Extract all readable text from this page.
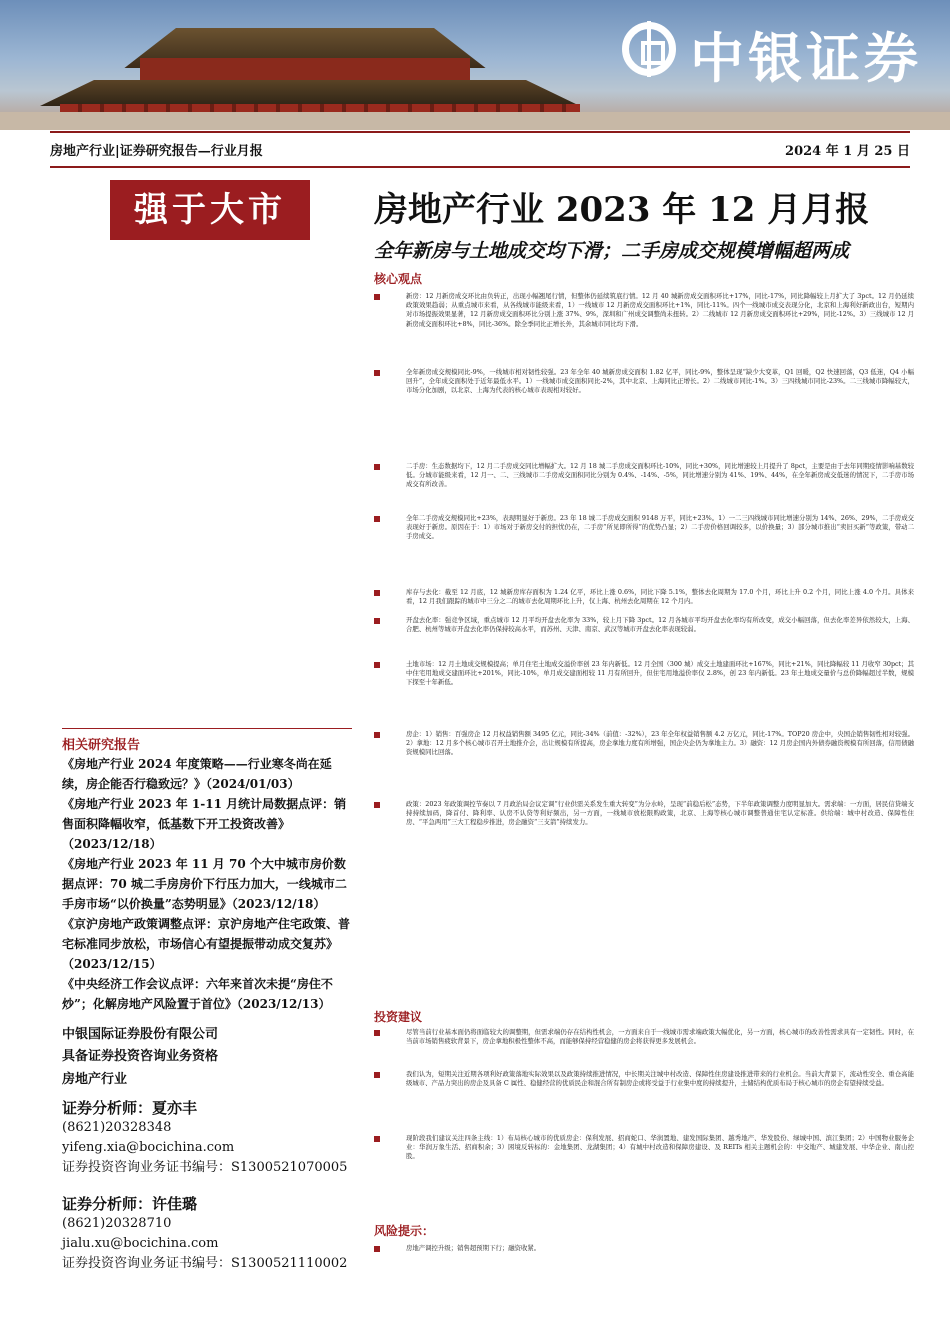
中银证券
房地产行业|证券研究报告—行业月报	2024 年 1 月 25 日
强于大市	房地产行业 2023 年 12 月月报
全年新房与土地成交均下滑；二手房成交规模增幅超两成
核心观点
新房：12 月新房成交环比由负转正，出现小幅翘尾行情，但整体仍延续筑底行情。12 月 40 城新房成交面积环比+17%，同比-17%，同比降幅较上月扩大了 3pct。12 月仍延续政策效果趋弱；从重点城市来看，从各线城市能级来看，1）一线城市 12 月新房成交面积环比+1%，同比-11%。四个一线城市成交表现分化，北京和上海利好新政出台，短期内对市场提振效果显著，12 月新房成交面积环比分别上涨 37%、9%，深圳和广州成交调整尚未扭转。2）二线城市 12 月新房成交面积环比+29%，同比-12%。3）三线城市 12 月新房成交面积环比+8%，同比-36%。除全季同比正增长外，其余城市同比均下滑。
全年新房成交规模同比-9%，一线城市相对韧性较强。23 年全年 40 城新房成交面积 1.82 亿平，同比-9%，整体呈现“缺少大变革，Q1 回暖，Q2 快速回落，Q3 低迷，Q4 小幅回升”，全年成交面积处于近年最低水平。1）一线城市成交面积同比-2%，其中北京、上海同比正增长。2）二线城市同比-1%。3）三四线城市同比-23%。二三线城市降幅较大，市场分化加剧，以北京、上海为代表的核心城市表现相对较好。
二手房：生态数据均下，12 月二手房成交同比增幅扩大。12 月 18 城二手房成交面积环比-10%，同比+30%，同比增速较上月提升了 8pct，主要是由于去年同期疫情影响基数较低。分城市能级来看，12 月一、二、三线城市二手房成交面积同比分别为 0.4%、-14%、-5%，同比增速分别为 41%、19%、44%，在全年新房成交低迷的情况下，二手房市场成交有所改善。
全年二手房成交规模同比+23%，表现明显好于新房。23 年 18 城二手房成交面积 9148 万平，同比+23%。1）一二三四线城市同比增速分别为 14%、26%、29%，二手房成交表现好于新房。原因在于：1）市场对于新房交付的担忧仍在，二手房“所见即所得”的优势凸显；2）二手房价格回调较多，以价换量；3）部分城市推出“卖旧买新”等政策，带动二手房成交。
库存与去化：截至 12 月底，12 城新房库存面积为 1.24 亿平，环比上涨 0.6%，同比下降 5.1%，整体去化周期为 17.0 个月，环比上升 0.2 个月，同比上涨 4.0 个月。具体来看，12 月我们跟踪的城市中三分之二的城市去化周期环比上升，仅上海、杭州去化周期在 12 个月内。
开盘去化率：强竞争区域，重点城市 12 月平均开盘去化率为 33%，较上月下降 3pct。12 月各城市平均开盘去化率均有所改变，成交小幅回落，但去化率差异依然较大，上海、合肥、杭州等城市开盘去化率仍保持较高水平，而苏州、天津、南京、武汉等城市开盘去化率表现较弱。
土地市场：12 月土地成交规模提高；单月住宅土地成交溢价率创 23 年内新低。12 月全国（300 城）成交土地建面环比+167%，同比+21%，同比降幅较 11 月收窄 30pct；其中住宅用地成交建面环比+201%，同比-10%，单月成交建面相较 11 月有所回升，但住宅用地溢价率仅 2.8%，创 23 年内新低。23 年土地成交量价与总价降幅超过半数，规模下探至十年新低。
房企：1）销售：百强房企 12 月权益销售额 3495 亿元，同比-34%（前值：-32%），23 年全年权益销售额 4.2 万亿元，同比-17%。TOP20 房企中，央国企销售韧性相对较强。2）拿地：12 月多个核心城市召开土地推介会，出让规模有所提高，房企拿地力度有所增强，国企央企仍为拿地主力。3）融资：12 月房企国内外债券融资规模有所回落，信用债融资规模同比回落。
政策：2023 年政策调控节奏以 7 月政治局会议定调“行业供需关系发生重大转变”为分水岭，呈现“前稳后松”态势，下半年政策调整力度明显加大。需求端：一方面，居民信贷端支持持续加码，降首付、降利率、认房不认贷等利好频出，另一方面，一线城市放松限购政策，北京、上海等核心城市调整普通住宅认定标准。供给端：城中村改造、保障性住房、“平急两用”三大工程稳步推进，房企融资“三支箭”持续发力。
投资建议
尽管当前行业基本面仍将面临较大的调整期，但需求端仍存在结构性机会，一方面来自于一线城市需求端政策大幅优化，另一方面，核心城市的改善性需求具有一定韧性。同时，在当前市场销售疲软背景下，房企拿地积极性整体不高，而能够保持经营稳健的房企将获得更多发展机会。
我们认为，短期关注近期各项利好政策落地实际效果以及政策持续推进情况，中长期关注城中村改造、保障性住房建设推进带来的行业机会。当前大背景下，流动性安全、重仓高能级城市、产品力突出的房企及具备 C 属性、稳健经营的优质民企和混合所有制房企或将受益于行业集中度的持续提升，土储结构优质布局于核心城市的房企有望持续受益。
现阶段我们建议关注四条主线：1）布局核心城市的优质房企：保利发展、招商蛇口、华润置地、建发国际集团、越秀地产、华发股份、绿城中国、滨江集团；2）中国物业服务企业：华润万象生活、招商积余；3）困境反转标的：金地集团、龙湖集团；4）有城中村改造和保障房建设、及 REITs 相关主题机会的：中交地产、城建发展、中华企业、南山控股。
风险提示：
房地产调控升级；销售超预期下行；融资收紧。
相关研究报告

《房地产行业 2024 年度策略——行业寒冬尚在延续，房企能否行稳致远？》（2024/01/03）

《房地产行业 2023 年 1-11 月统计局数据点评：销售面积降幅收窄，低基数下开工投资改善》（2023/12/18）

《房地产行业 2023 年 11 月 70 个大中城市房价数据点评：70 城二手房房价下行压力加大，一线城市二手房市场“以价换量”态势明显》（2023/12/18）

《京沪房地产政策调整点评：京沪房地产住宅政策、普宅标准同步放松，市场信心有望提振带动成交复苏》（2023/12/15）

《中央经济工作会议点评：六年来首次未提“房住不炒”；化解房地产风险置于首位》（2023/12/13）

中银国际证券股份有限公司
具备证券投资咨询业务资格
房地产行业
证券分析师：夏亦丰
(8621)20328348
yifeng.xia@bocichina.com
证券投资咨询业务证书编号：S1300521070005
证券分析师：许佳璐
(8621)20328710
jialu.xu@bocichina.com
证券投资咨询业务证书编号：S1300521110002
